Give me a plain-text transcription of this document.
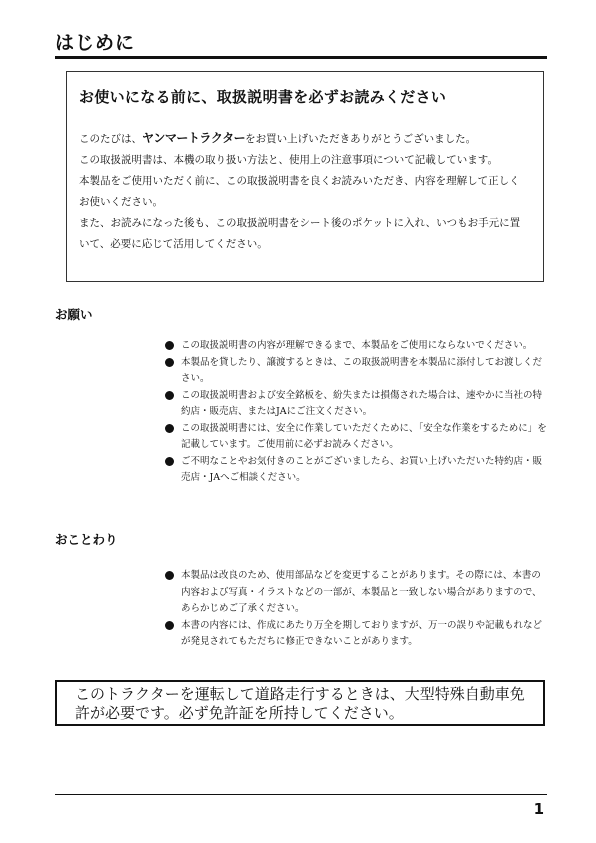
はじめに
お使いになる前に、取扱説明書を必ずお読みください

このたびは、ヤンマートラクターをお買い上げいただきありがとうございました。

この取扱説明書は、本機の取り扱い方法と、使用上の注意事項について記載しています。

本製品をご使用いただく前に、この取扱説明書を良くお読みいただき、内容を理解して正しくお使いください。

また、お読みになった後も、この取扱説明書をシート後のポケットに入れ、いつもお手元に置いて、必要に応じて活用してください。

お願い
この取扱説明書の内容が理解できるまで、本製品をご使用にならないでください。
本製品を貸したり、譲渡するときは、この取扱説明書を本製品に添付してお渡しください。
この取扱説明書および安全銘板を、紛失または損傷された場合は、速やかに当社の特約店・販売店、またはJAにご注文ください。
この取扱説明書には、安全に作業していただくために、「安全な作業をするために」を記載しています。ご使用前に必ずお読みください。
ご不明なことやお気付きのことがございましたら、お買い上げいただいた特約店・販売店・JAへご相談ください。
おことわり
本製品は改良のため、使用部品などを変更することがあります。その際には、本書の内容および写真・イラストなどの一部が、本製品と一致しない場合がありますので、あらかじめご了承ください。
本書の内容には、作成にあたり万全を期しておりますが、万一の誤りや記載もれなどが発見されてもただちに修正できないことがあります。

このトラクターを運転して道路走行するときは、大型特殊自動車免許が必要です。必ず免許証を所持してください。

1
